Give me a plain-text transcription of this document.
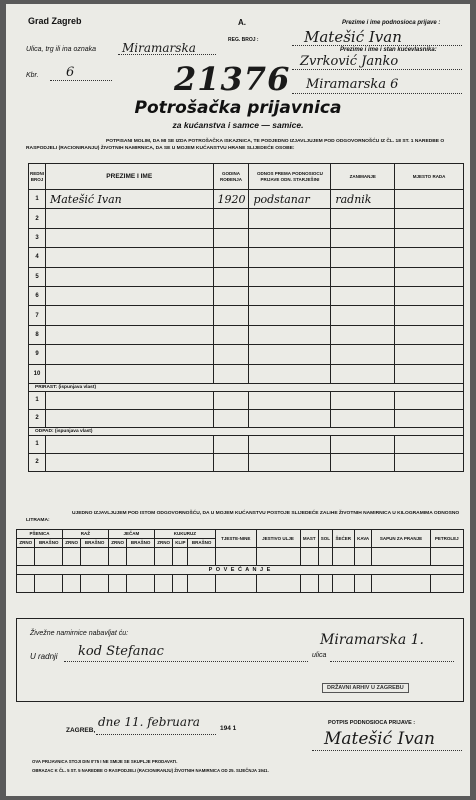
Grad Zagreb	A.
REG. BROJ :
Ulica, trg ili ina oznaka Miramarska
Kbr. 6	21376
Prezime i ime podnosioca prijave :
Matešić Ivan
Prezime i ime i stan kućevlasnika:
Zvrković Janko
Miramarska 6
Potrošačka prijavnica
za kućanstva i samce — samice.
POTPISANI MOLIM, DA MI SE IZDA POTROŠAČKA ISKAZNICA, TE PODJEDNO IZJAVLJUJEM POD ODGOVORNOŠĆU IZ ČL. 18 ST. 1 NAREDBE O RASPODJELI (RACIONIRANJU) ŽIVOTNIH NAMIRNICA, DA SE U MOJEM KUĆANSTVU HRANE SLIJEDEĆE OSOBE:
REDNI BROJ	PREZIME I IME	GODINA ROĐENJA	ODNOS PREMA PODNOSIOCU PRIJAVE ODN. STARJEŠINI	ZANIMANJE	MJESTO RADA
1	Matešić Ivan	1920	podstanar	radnik	
2					
3					
4					
5					
6					
7					
8					
9					
10					
PRIRAST: (ispunjava vlast)					
1					
2					
ODPAD: (ispunjava vlast)					
1					
2					
UJEDNO IZJAVLJUJEM POD ISTOM ODGOVORNOŠĆU, DA U MOJEM KUĆANSTVU POSTOJE SLIJEDEĆE ZALIHE ŽIVOTNIH NAMIRNICA U KILOGRAMIMA ODNOSNO LITRAMA:
PŠENICA		RAŽ		JEČAM		KUKURUZ			TJESTE-NINE	JESTIVO ULJE	MAST	SOL	ŠEĆER	KAVA	SAPUN ZA PRANJE	PETROLEJ
ZRNO	BRAŠNO	ZRNO	BRAŠNO	ZRNO	BRAŠNO	ZRNO	KLIP	BRAŠNO								

P O V E Ć A N J E																

Živežne namirnice nabavljat ću:
U radnji kod Stefanac	ulica
Miramarska 1.
DRŽAVNI ARHIV U ZAGREBU
ZAGREB,
dne 11. februara	194 1
POTPIS PODNOSIOCA PRIJAVE :
Matešić Ivan
OVA PRIJAVNICA STOJI DIN 0'75 I NE SMIJE SE SKUPLJE PRODAVATI.
OBRAZAC K ČL. 5 ST. 5 NAREDBE O RASPODJELI (RACIONIRANJU) ŽIVOTNIH NAMIRNICA OD 25. SIJEČNJA 1941.
